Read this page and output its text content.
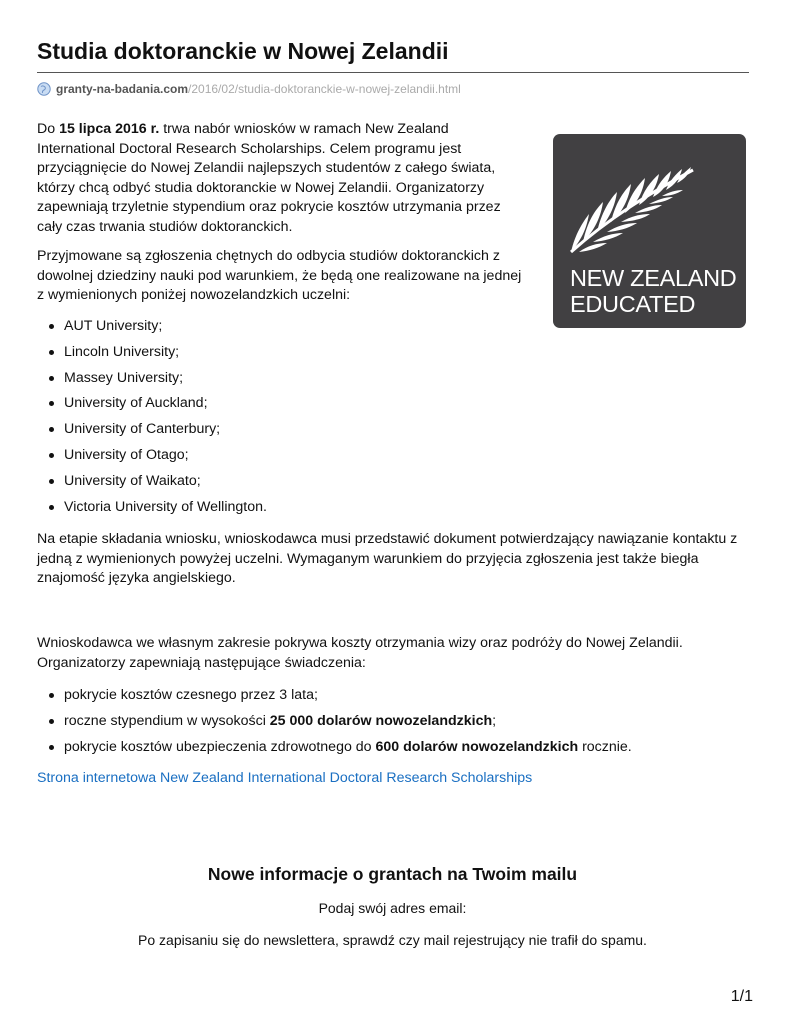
Studia doktoranckie w Nowej Zelandii
granty-na-badania.com /2016/02/studia-doktoranckie-w-nowej-zelandii.html

Do 15 lipca 2016 r. trwa nabór wniosków w ramach New Zealand International Doctoral Research Scholarships. Celem programu jest przyciągnięcie do Nowej Zelandii najlepszych studentów z całego świata, którzy chcą odbyć studia doktoranckie w Nowej Zelandii. Organizatorzy zapewniają trzyletnie stypendium oraz pokrycie kosztów utrzymania przez cały czas trwania studiów doktoranckich.

NEW ZEALAND
EDUCATED

Przyjmowane są zgłoszenia chętnych do odbycia studiów doktoranckich z dowolnej dziedziny nauki pod warunkiem, że będą one realizowane na jednej z wymienionych poniżej nowozelandzkich uczelni:

AUT University;
Lincoln University;
Massey University;
University of Auckland;
University of Canterbury;
University of Otago;
University of Waikato;
Victoria University of Wellington.

Na etapie składania wniosku, wnioskodawca musi przedstawić dokument potwierdzający nawiązanie kontaktu z jedną z wymienionych powyżej uczelni. Wymaganym warunkiem do przyjęcia zgłoszenia jest także biegła znajomość języka angielskiego.

Wnioskodawca we własnym zakresie pokrywa koszty otrzymania wizy oraz podróży do Nowej Zelandii. Organizatorzy zapewniają następujące świadczenia:

pokrycie kosztów czesnego przez 3 lata;
roczne stypendium w wysokości 25 000 dolarów nowozelandzkich;
pokrycie kosztów ubezpieczenia zdrowotnego do 600 dolarów nowozelandzkich rocznie.
Strona internetowa New Zealand International Doctoral Research Scholarships
Nowe informacje o grantach na Twoim mailu

Podaj swój adres email:

Po zapisaniu się do newslettera, sprawdź czy mail rejestrujący nie trafił do spamu.

1/1
